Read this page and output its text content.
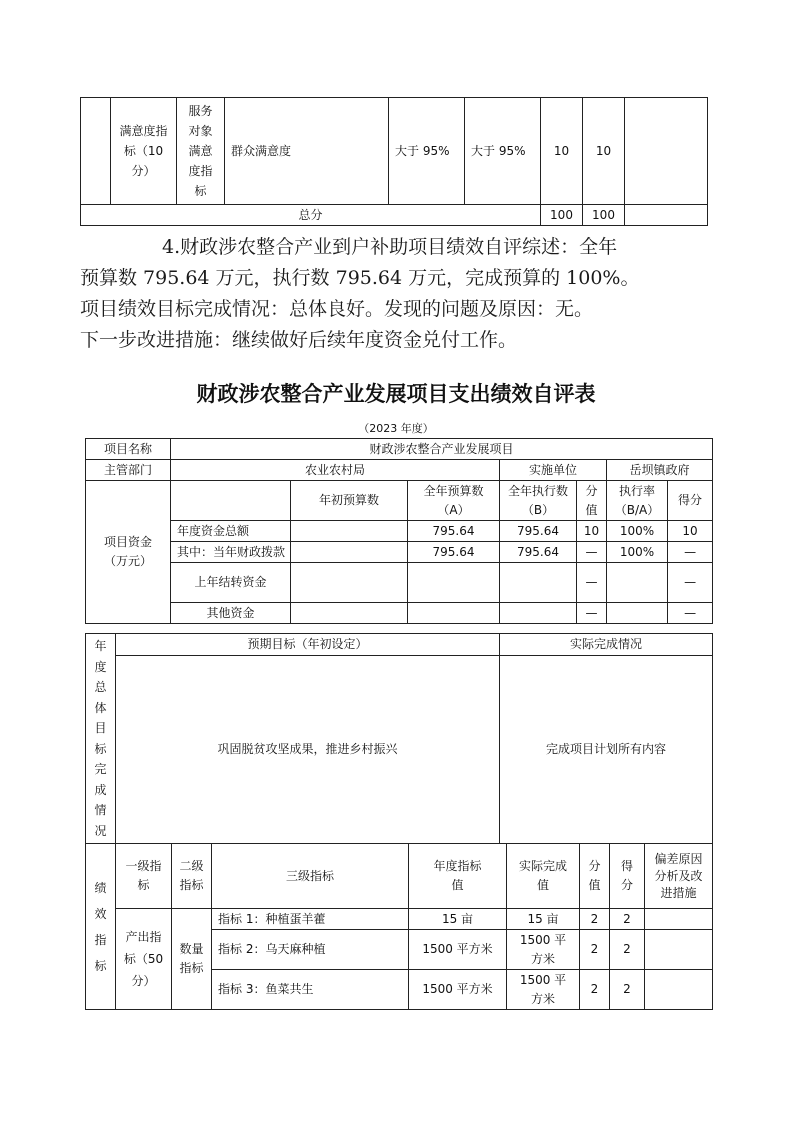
	满意度指标（10分）	服务对象满意度指标	群众满意度	大于 95%	大于 95%	10	10	
总分						100	100	

4.财政涉农整合产业到户补助项目绩效自评综述：全年

预算数 795.64 万元，执行数 795.64 万元，完成预算的 100%。

项目绩效目标完成情况：总体良好。发现的问题及原因：无。

下一步改进措施：继续做好后续年度资金兑付工作。

财政涉农整合产业发展项目支出绩效自评表
（2023 年度）
项目名称	财政涉农整合产业发展项目						
主管部门	农业农村局			实施单位		岳坝镇政府	

项目资金（万元）		年初预算数	全年预算数（A）	全年执行数（B）	分值	执行率（B/A）	得分
	年度资金总额		795.64	795.64	10	100%	10
	其中：当年财政拨款		795.64	795.64	—	100%	—

	上年结转资金				—		—
	其他资金				—		—
年度总体目标完成情况	预期目标（年初设定）	实际完成情况
	巩固脱贫攻坚成果，推进乡村振兴	完成项目计划所有内容
绩效指标	一级指标	二级指标	三级指标	年度指标值	实际完成值	分值	得分	偏差原因分析及改进措施

	产出指标（50分）	数量指标	指标 1：种植蛋羊藿	15 亩	15 亩	2	2	
			指标 2：乌天麻种植	1500 平方米	1500 平方米	2	2	
			指标 3：鱼菜共生	1500 平方米	1500 平方米	2	2	
